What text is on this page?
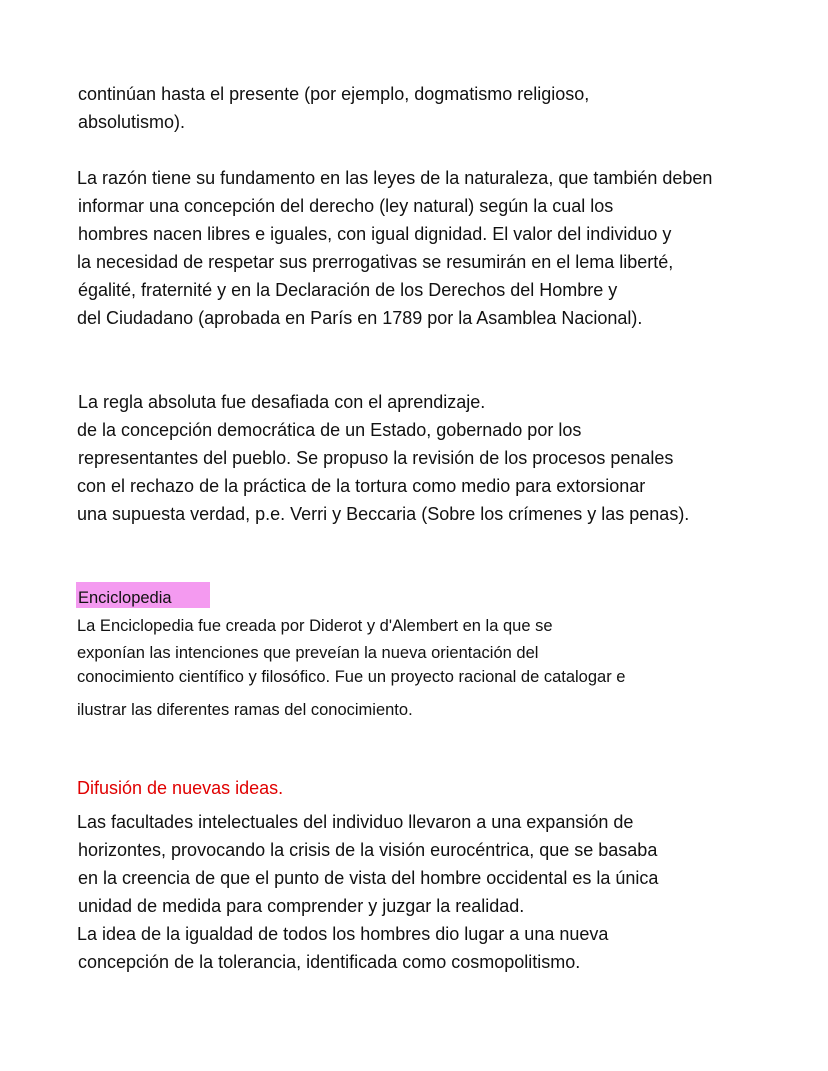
continúan hasta el presente (por ejemplo, dogmatismo religioso,
absolutismo).
La razón tiene su fundamento en las leyes de la naturaleza, que también deben
informar una concepción del derecho (ley natural) según la cual los
hombres nacen libres e iguales, con igual dignidad. El valor del individuo y
la necesidad de respetar sus prerrogativas se resumirán en el lema liberté,
égalité, fraternité y en la Declaración de los Derechos del Hombre y
del Ciudadano (aprobada en París en 1789 por la Asamblea Nacional).
La regla absoluta fue desafiada con el aprendizaje.
de la concepción democrática de un Estado, gobernado por los
representantes del pueblo. Se propuso la revisión de los procesos penales
con el rechazo de la práctica de la tortura como medio para extorsionar
una supuesta verdad, p.e. Verri y Beccaria (Sobre los crímenes y las penas).
Enciclopedia
La Enciclopedia fue creada por Diderot y d'Alembert en la que se
exponían las intenciones que preveían la nueva orientación del
conocimiento científico y filosófico. Fue un proyecto racional de catalogar e
ilustrar las diferentes ramas del conocimiento.
Difusión de nuevas ideas.
Las facultades intelectuales del individuo llevaron a una expansión de
horizontes, provocando la crisis de la visión eurocéntrica, que se basaba
en la creencia de que el punto de vista del hombre occidental es la única
unidad de medida para comprender y juzgar la realidad.
La idea de la igualdad de todos los hombres dio lugar a una nueva
concepción de la tolerancia, identificada como cosmopolitismo.
